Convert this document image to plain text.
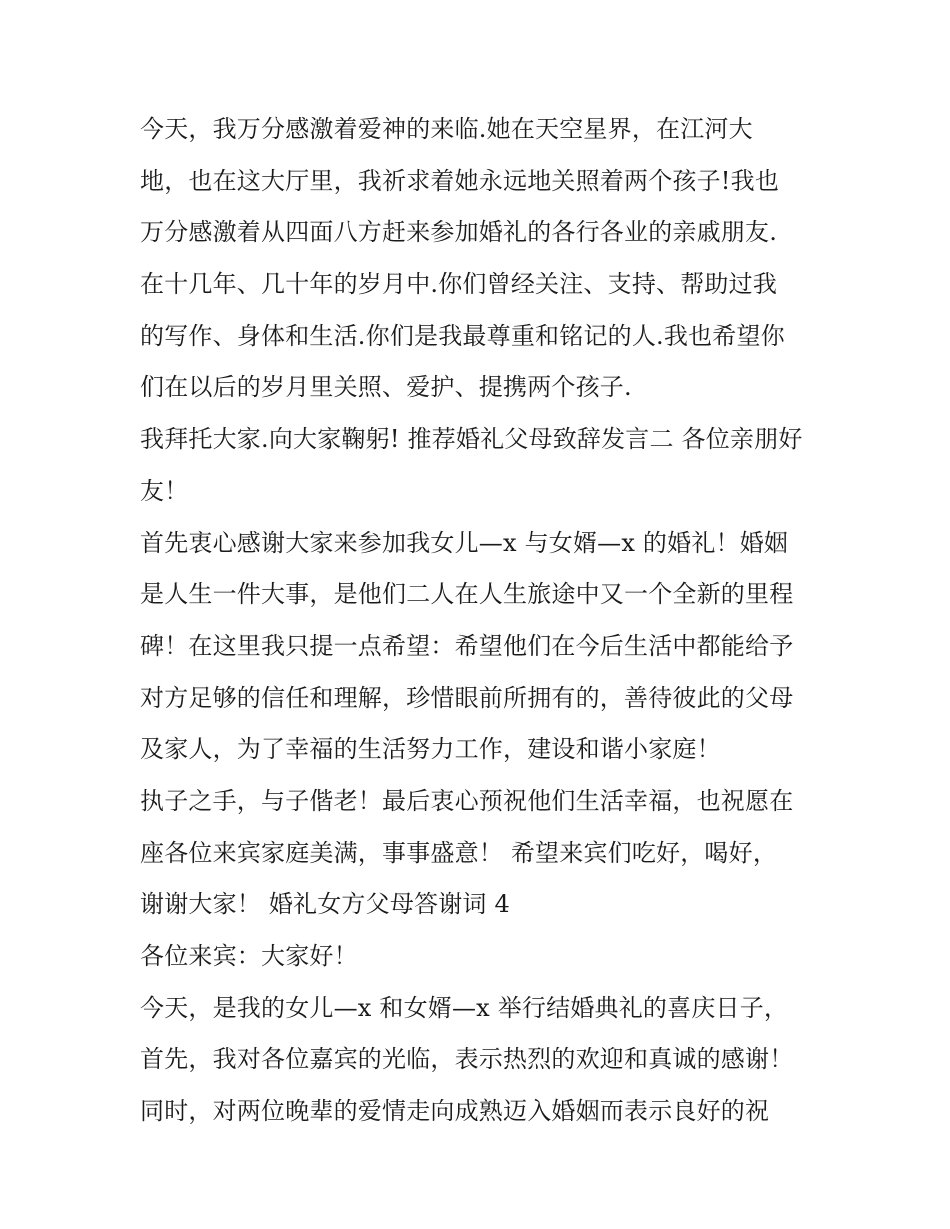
今天，我万分感激着爱神的来临.她在天空星界，在江河大
地，也在这大厅里，我祈求着她永远地关照着两个孩子!我也
万分感激着从四面八方赶来参加婚礼的各行各业的亲戚朋友.
在十几年、几十年的岁月中.你们曾经关注、支持、帮助过我
的写作、身体和生活.你们是我最尊重和铭记的人.我也希望你
们在以后的岁月里关照、爱护、提携两个孩子.
我拜托大家.向大家鞠躬! 推荐婚礼父母致辞发言二 各位亲朋好
友！
首先衷心感谢大家来参加我女儿—x 与女婿—x 的婚礼！婚姻
是人生一件大事，是他们二人在人生旅途中又一个全新的里程
碑！在这里我只提一点希望：希望他们在今后生活中都能给予
对方足够的信任和理解，珍惜眼前所拥有的，善待彼此的父母
及家人，为了幸福的生活努力工作，建设和谐小家庭！
执子之手，与子偕老！最后衷心预祝他们生活幸福，也祝愿在
座各位来宾家庭美满，事事盛意！ 希望来宾们吃好，喝好，
谢谢大家！ 婚礼女方父母答谢词 4
各位来宾：大家好！
今天，是我的女儿—x 和女婿—x 举行结婚典礼的喜庆日子，
首先，我对各位嘉宾的光临，表示热烈的欢迎和真诚的感谢！
同时，对两位晚辈的爱情走向成熟迈入婚姻而表示良好的祝
